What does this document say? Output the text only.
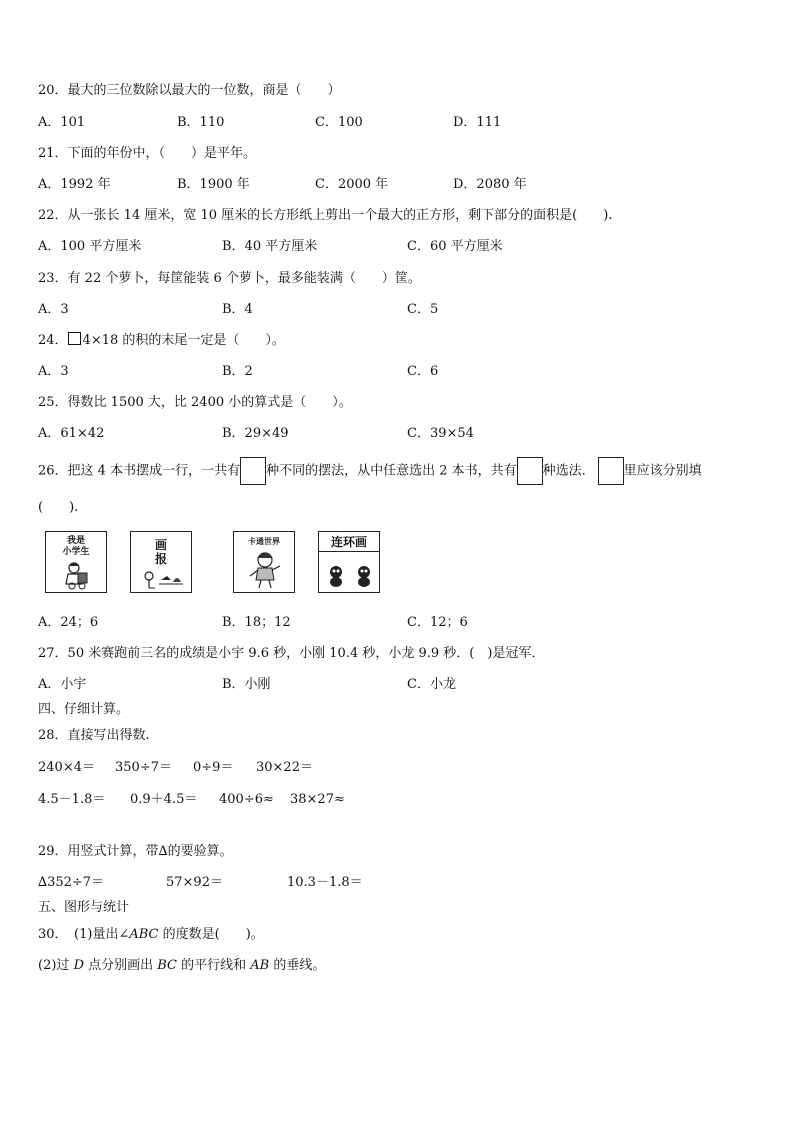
20．最大的三位数除以最大的一位数，商是（　　）
A．101	B．110	C．100	D．111
21．下面的年份中，（　　）是平年。
A．1992 年	B．1900 年	C．2000 年	D．2080 年
22．从一张长 14 厘米，宽 10 厘米的长方形纸上剪出一个最大的正方形，剩下部分的面积是(　　).
A．100 平方厘米	B．40 平方厘米	C．60 平方厘米
23．有 22 个萝卜，每筐能装 6 个萝卜，最多能装满（　　）筐。
A．3	B．4	C．5
24． 4×18 的积的末尾一定是（　　）。
A．3	B．2	C．6
25．得数比 1500 大，比 2400 小的算式是（　　）。
A．61×42	B．29×49	C．39×54
26．把这 4 本书摆成一行，一共有 种不同的摆法，从中任意选出 2 本书，共有 种选法． 里应该分别填
(　　).
我是
小学生	画
报
卡通世界	连环画
A．24；6	B．18；12	C．12；6
27．50 米赛跑前三名的成绩是小宇 9.6 秒，小刚 10.4 秒，小龙 9.9 秒．(　)是冠军．
A．小宇	B．小刚	C．小龙
四、仔细计算。
28．直接写出得数.
240×4＝ 350÷7＝ 0÷9＝ 30×22＝
4.5－1.8＝ 0.9＋4.5＝ 400÷6≈ 38×27≈
29．用竖式计算，带∆的要验算。
∆352÷7＝	57×92＝	10.3－1.8＝
五、图形与统计
30．　(1)量出∠ABC 的度数是(　　)。
(2)过 D 点分别画出 BC 的平行线和 AB 的垂线。
